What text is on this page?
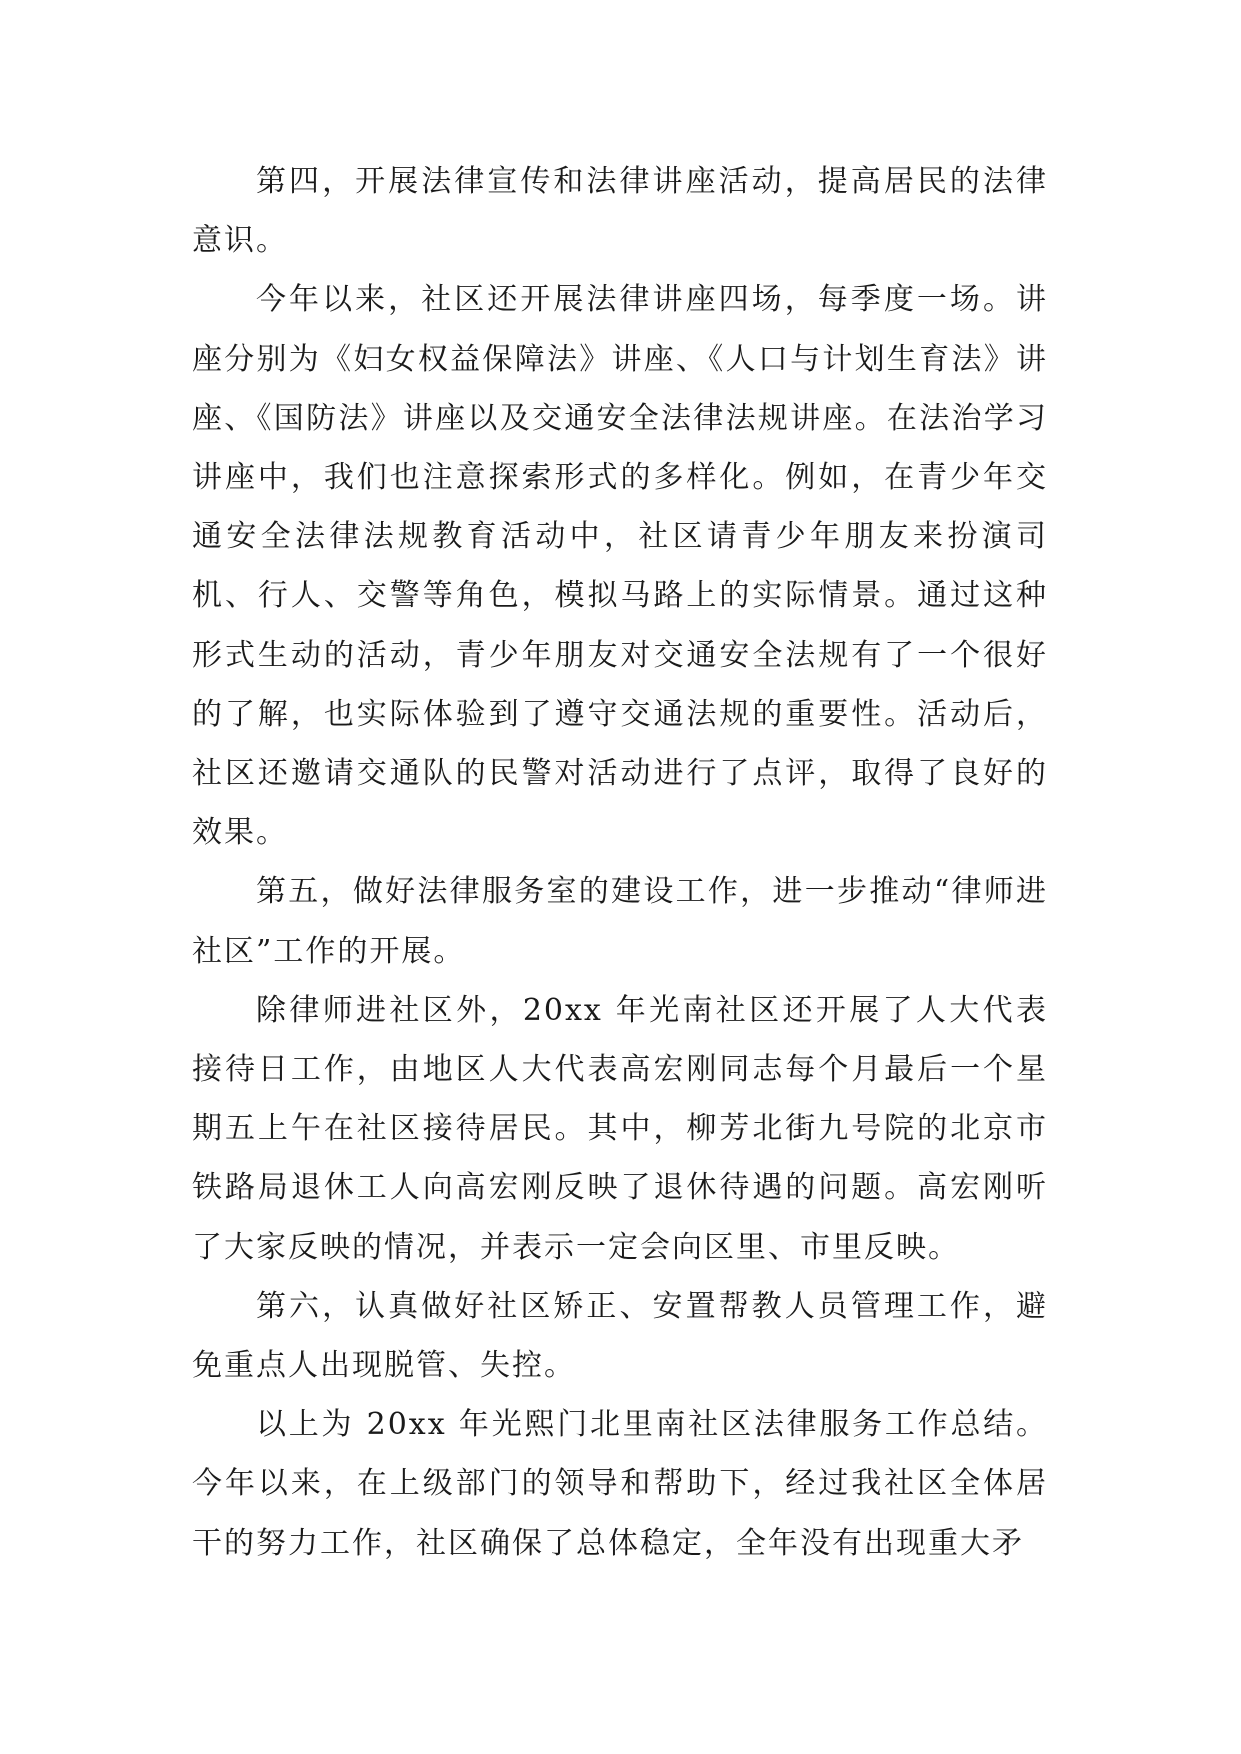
第四，开展法律宣传和法律讲座活动，提高居民的法律意识。

今年以来，社区还开展法律讲座四场，每季度一场。讲座分别为《妇女权益保障法》讲座、《人口与计划生育法》讲座、《国防法》讲座以及交通安全法律法规讲座。在法治学习讲座中，我们也注意探索形式的多样化。例如，在青少年交通安全法律法规教育活动中，社区请青少年朋友来扮演司机、行人、交警等角色，模拟马路上的实际情景。通过这种形式生动的活动，青少年朋友对交通安全法规有了一个很好的了解，也实际体验到了遵守交通法规的重要性。活动后，社区还邀请交通队的民警对活动进行了点评，取得了良好的效果。

第五，做好法律服务室的建设工作，进一步推动“律师进社区”工作的开展。

除律师进社区外，20xx 年光南社区还开展了人大代表接待日工作，由地区人大代表高宏刚同志每个月最后一个星期五上午在社区接待居民。其中，柳芳北街九号院的北京市铁路局退休工人向高宏刚反映了退休待遇的问题。高宏刚听了大家反映的情况，并表示一定会向区里、市里反映。

第六，认真做好社区矫正、安置帮教人员管理工作，避免重点人出现脱管、失控。

以上为 20xx 年光熙门北里南社区法律服务工作总结。今年以来，在上级部门的领导和帮助下，经过我社区全体居干的努力工作，社区确保了总体稳定，全年没有出现重大矛
